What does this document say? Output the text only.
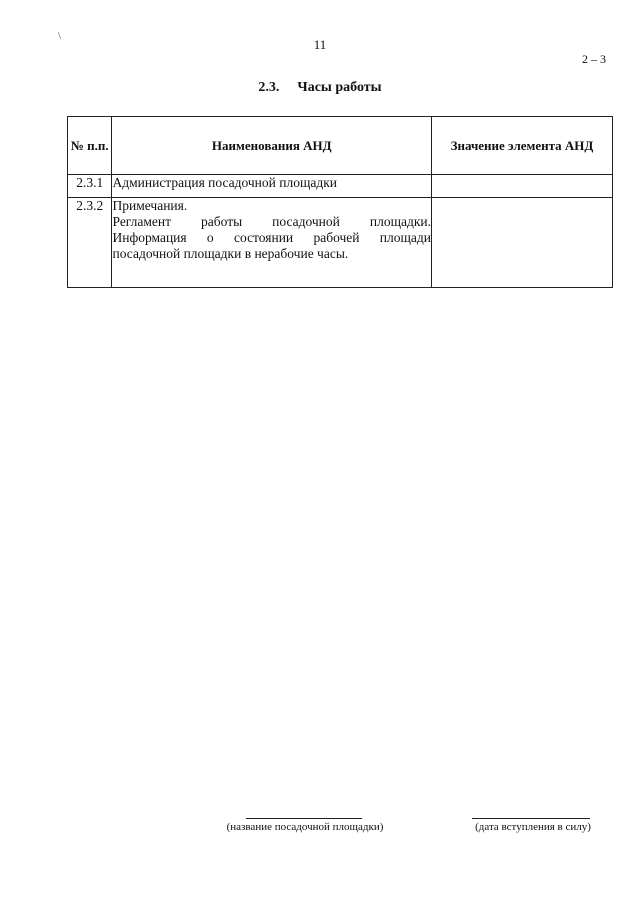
\
11
2 – 3
2.3. Часы работы
№ п.п.	Наименования АНД	Значение элемента АНД
2.3.1	Администрация посадочной площадки	

2.3.2	Примечания.
Регламент работы посадочной площадки.
Информация о состоянии рабочей площади
посадочной площадки в нерабочие часы.	

(название посадочной площадки)	(дата вступления в силу)
